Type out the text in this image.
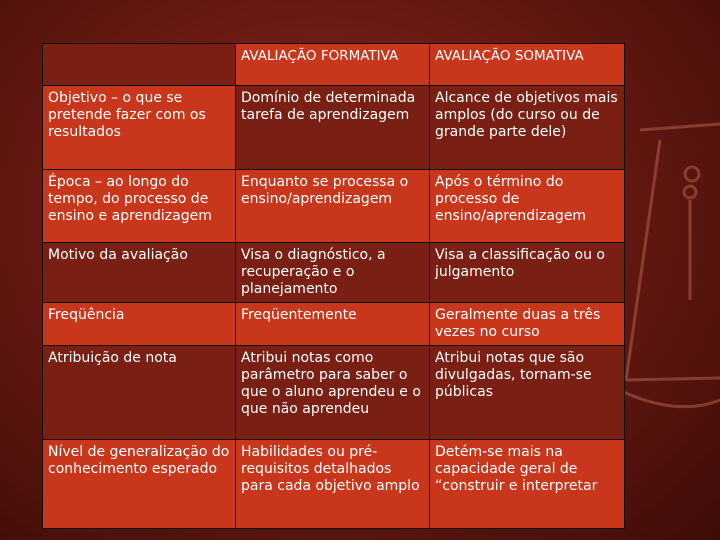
	AVALIAÇÃO FORMATIVA	AVALIAÇÃO SOMATIVA
Objetivo – o que se pretende fazer com os resultados	Domínio de determinada tarefa de aprendizagem	Alcance de objetivos mais amplos (do curso ou de grande parte dele)
Época – ao longo do tempo, do processo de ensino e aprendizagem	Enquanto se processa o ensino/aprendizagem	Após o término do processo de ensino/aprendizagem
Motivo da avaliação	Visa o diagnóstico, a recuperação e o planejamento	Visa a classificação ou o julgamento
Freqüência	Freqüentemente	Geralmente duas a três vezes no curso
Atribuição de nota	Atribui notas como parâmetro para saber o que o aluno aprendeu e o que não aprendeu	Atribui notas que são divulgadas, tornam-se públicas
Nível de generalização do conhecimento esperado	Habilidades ou pré-requisitos detalhados para cada objetivo amplo	Detém-se mais na capacidade geral de “construir e interpretar
